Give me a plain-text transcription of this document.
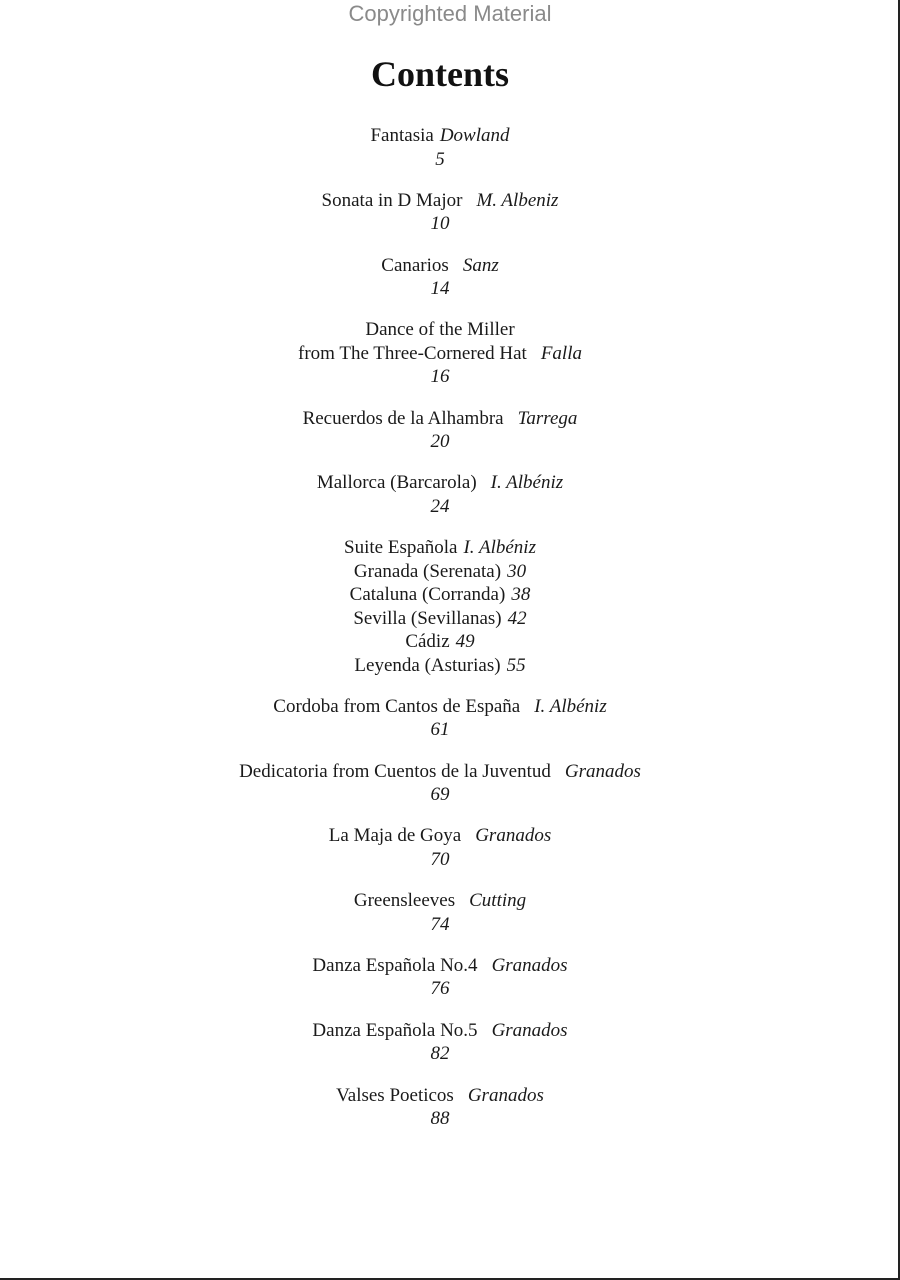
Copyrighted Material
Contents
Fantasia Dowland
5
Sonata in D Major M. Albeniz
10
Canarios Sanz
14
Dance of the Miller
from The Three-Cornered Hat Falla
16
Recuerdos de la Alhambra Tarrega
20
Mallorca (Barcarola) I. Albéniz
24
Suite Española I. Albéniz
Granada (Serenata) 30
Cataluna (Corranda) 38
Sevilla (Sevillanas) 42
Cádiz 49
Leyenda (Asturias) 55
Cordoba from Cantos de España I. Albéniz
61
Dedicatoria from Cuentos de la Juventud Granados
69
La Maja de Goya Granados
70
Greensleeves Cutting
74
Danza Española No.4 Granados
76
Danza Española No.5 Granados
82
Valses Poeticos Granados
88
